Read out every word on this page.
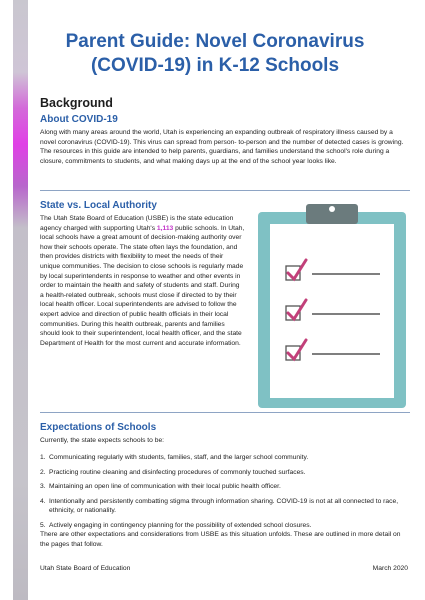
Parent Guide: Novel Coronavirus
(COVID-19) in K-12 Schools
Background
About COVID-19

Along with many areas around the world, Utah is experiencing an expanding outbreak of respiratory illness caused by a novel coronavirus (COVID-19). This virus can spread from person- to-person and the number of detected cases is growing. The resources in this guide are intended to help parents, guardians, and families understand the school's role during a closure, commitments to students, and what making days up at the end of the school year looks like.

State vs. Local Authority

The Utah State Board of Education (USBE) is the state education agency charged with supporting Utah's 1,113 public schools. In Utah, local schools have a great amount of decision-making authority over how their schools operate. The state often lays the foundation, and then provides districts with flexibility to meet the needs of their unique communities. The decision to close schools is regularly made by local superintendents in response to weather and other events in order to maintain the health and safety of students and staff. During a health-related outbreak, schools must close if directed to by their local health officer. Local superintendents are advised to follow the expert advice and direction of public health officials in their local communities. During this health outbreak, parents and families should look to their superintendent, local health officer, and the state Department of Health for the most current and accurate information.

Expectations of Schools

Currently, the state expects schools to be:

1. Communicating regularly with students, families, staff, and the larger school community.
2. Practicing routine cleaning and disinfecting procedures of commonly touched surfaces.
3. Maintaining an open line of communication with their local public health officer.
4. Intentionally and persistently combatting stigma through information sharing. COVID-19 is not at all connected to race, ethnicity, or nationality.
5. Actively engaging in contingency planning for the possibility of extended school closures.

There are other expectations and considerations from USBE as this situation unfolds. These are outlined in more detail on the pages that follow.

Utah State Board of Education	March 2020
